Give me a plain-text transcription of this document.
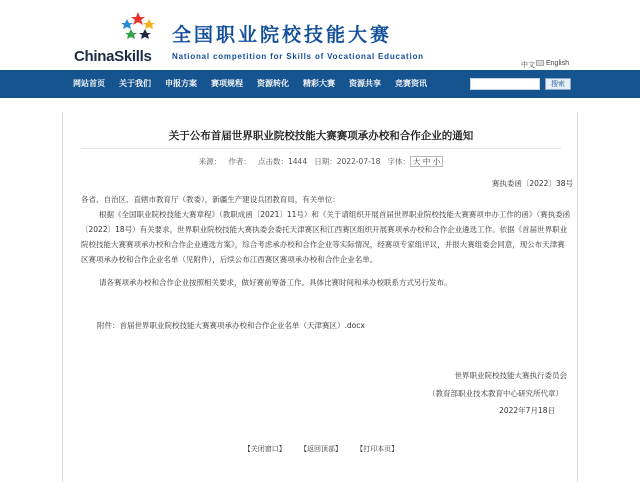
ChinaSkills
全国职业院校技能大赛
National competition for Skills of Vocational Education
中文 English
网站首页	关于我们	申报方案	赛项规程	资源转化	精彩大赛	资源共享	竞赛资讯	搜索
关于公布首届世界职业院校技能大赛赛项承办校和合作企业的通知
来源： 作者： 点击数：1444 日期：2022-07-18 字体： 大 中 小
赛执委函〔2022〕38号
各省、自治区、直辖市教育厅（教委），新疆生产建设兵团教育局，有关单位：
根据《全国职业院校技能大赛章程》（教职成函〔2021〕11号）和《关于请组织开展首届世界职业院校技能大赛赛项申办工作的函》（赛执委函〔2022〕18号）有关要求，世界职业院校技能大赛执委会委托天津赛区和江西赛区组织开展赛项承办校和合作企业遴选工作。依据《首届世界职业院校技能大赛赛项承办校和合作企业遴选方案》，综合考虑承办校和合作企业等实际情况，经赛项专家组评议，并报大赛组委会同意，现公布天津赛区赛项承办校和合作企业名单（见附件），后续公布江西赛区赛项承办校和合作企业名单。
请各赛项承办校和合作企业按照相关要求，做好赛前筹备工作。具体比赛时间和承办校联系方式另行发布。
附件：首届世界职业院校技能大赛赛项承办校和合作企业名单（天津赛区）.docx
世界职业院校技能大赛执行委员会
（教育部职业技术教育中心研究所代章）
2022年7月18日
【关闭窗口】 【返回顶部】 【打印本页】
